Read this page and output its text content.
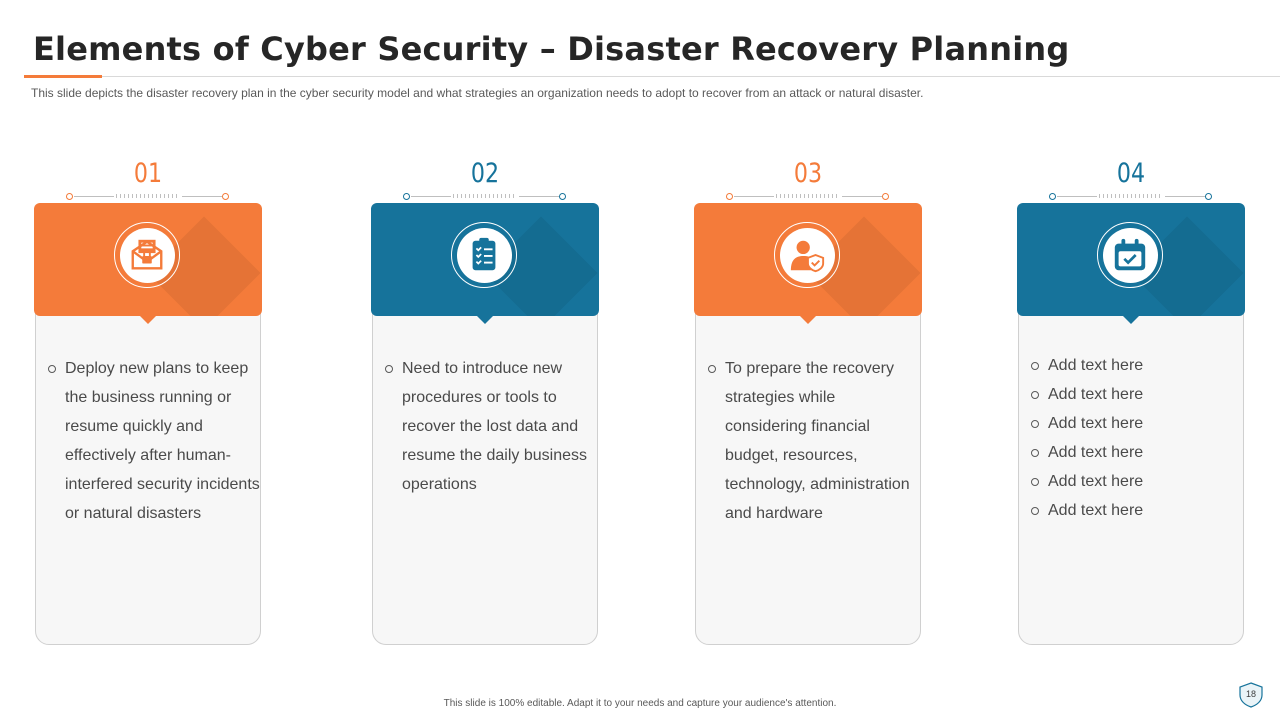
Elements of Cyber Security – Disaster Recovery Planning
This slide depicts the disaster recovery plan in the cyber security model and what strategies an organization needs to adopt to recover from an attack or natural disaster.
01
Deploy new plans to keep the business running or resume quickly and effectively after human-interfered security incidents or natural disasters
02
Need to introduce new procedures or tools to recover the lost data and resume the daily business operations
03
To prepare the recovery strategies while considering financial budget, resources, technology, administration and hardware
04
Add text here
Add text here
Add text here
Add text here
Add text here
Add text here
This slide is 100% editable. Adapt it to your needs and capture your audience's attention.
18
